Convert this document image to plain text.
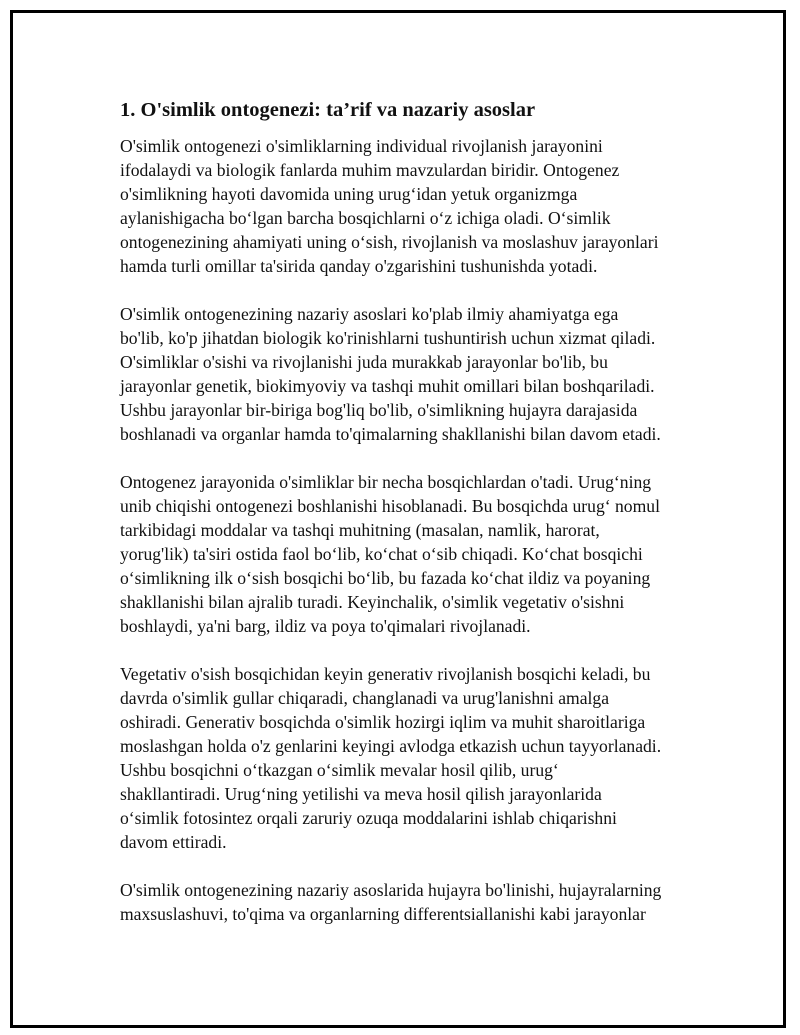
1. O'simlik ontogenezi: ta’rif va nazariy asoslar
O'simlik ontogenezi o'simliklarning individual rivojlanish jarayonini
ifodalaydi va biologik fanlarda muhim mavzulardan biridir. Ontogenez
o'simlikning hayoti davomida uning urugʻidan yetuk organizmga
aylanishigacha boʻlgan barcha bosqichlarni oʻz ichiga oladi. Oʻsimlik
ontogenezining ahamiyati uning oʻsish, rivojlanish va moslashuv jarayonlari
hamda turli omillar ta'sirida qanday o'zgarishini tushunishda yotadi.
O'simlik ontogenezining nazariy asoslari ko'plab ilmiy ahamiyatga ega
bo'lib, ko'p jihatdan biologik ko'rinishlarni tushuntirish uchun xizmat qiladi.
O'simliklar o'sishi va rivojlanishi juda murakkab jarayonlar bo'lib, bu
jarayonlar genetik, biokimyoviy va tashqi muhit omillari bilan boshqariladi.
Ushbu jarayonlar bir-biriga bog'liq bo'lib, o'simlikning hujayra darajasida
boshlanadi va organlar hamda to'qimalarning shakllanishi bilan davom etadi.
Ontogenez jarayonida o'simliklar bir necha bosqichlardan o'tadi. Urugʻning
unib chiqishi ontogenezi boshlanishi hisoblanadi. Bu bosqichda urugʻ nomul
tarkibidagi moddalar va tashqi muhitning (masalan, namlik, harorat,
yorug'lik) ta'siri ostida faol boʻlib, koʻchat oʻsib chiqadi. Koʻchat bosqichi
oʻsimlikning ilk oʻsish bosqichi boʻlib, bu fazada koʻchat ildiz va poyaning
shakllanishi bilan ajralib turadi. Keyinchalik, o'simlik vegetativ o'sishni
boshlaydi, ya'ni barg, ildiz va poya to'qimalari rivojlanadi.
Vegetativ o'sish bosqichidan keyin generativ rivojlanish bosqichi keladi, bu
davrda o'simlik gullar chiqaradi, changlanadi va urug'lanishni amalga
oshiradi. Generativ bosqichda o'simlik hozirgi iqlim va muhit sharoitlariga
moslashgan holda o'z genlarini keyingi avlodga etkazish uchun tayyorlanadi.
Ushbu bosqichni oʻtkazgan oʻsimlik mevalar hosil qilib, urugʻ
shakllantiradi. Urugʻning yetilishi va meva hosil qilish jarayonlarida
oʻsimlik fotosintez orqali zaruriy ozuqa moddalarini ishlab chiqarishni
davom ettiradi.
O'simlik ontogenezining nazariy asoslarida hujayra bo'linishi, hujayralarning
maxsuslashuvi, to'qima va organlarning differentsiallanishi kabi jarayonlar
